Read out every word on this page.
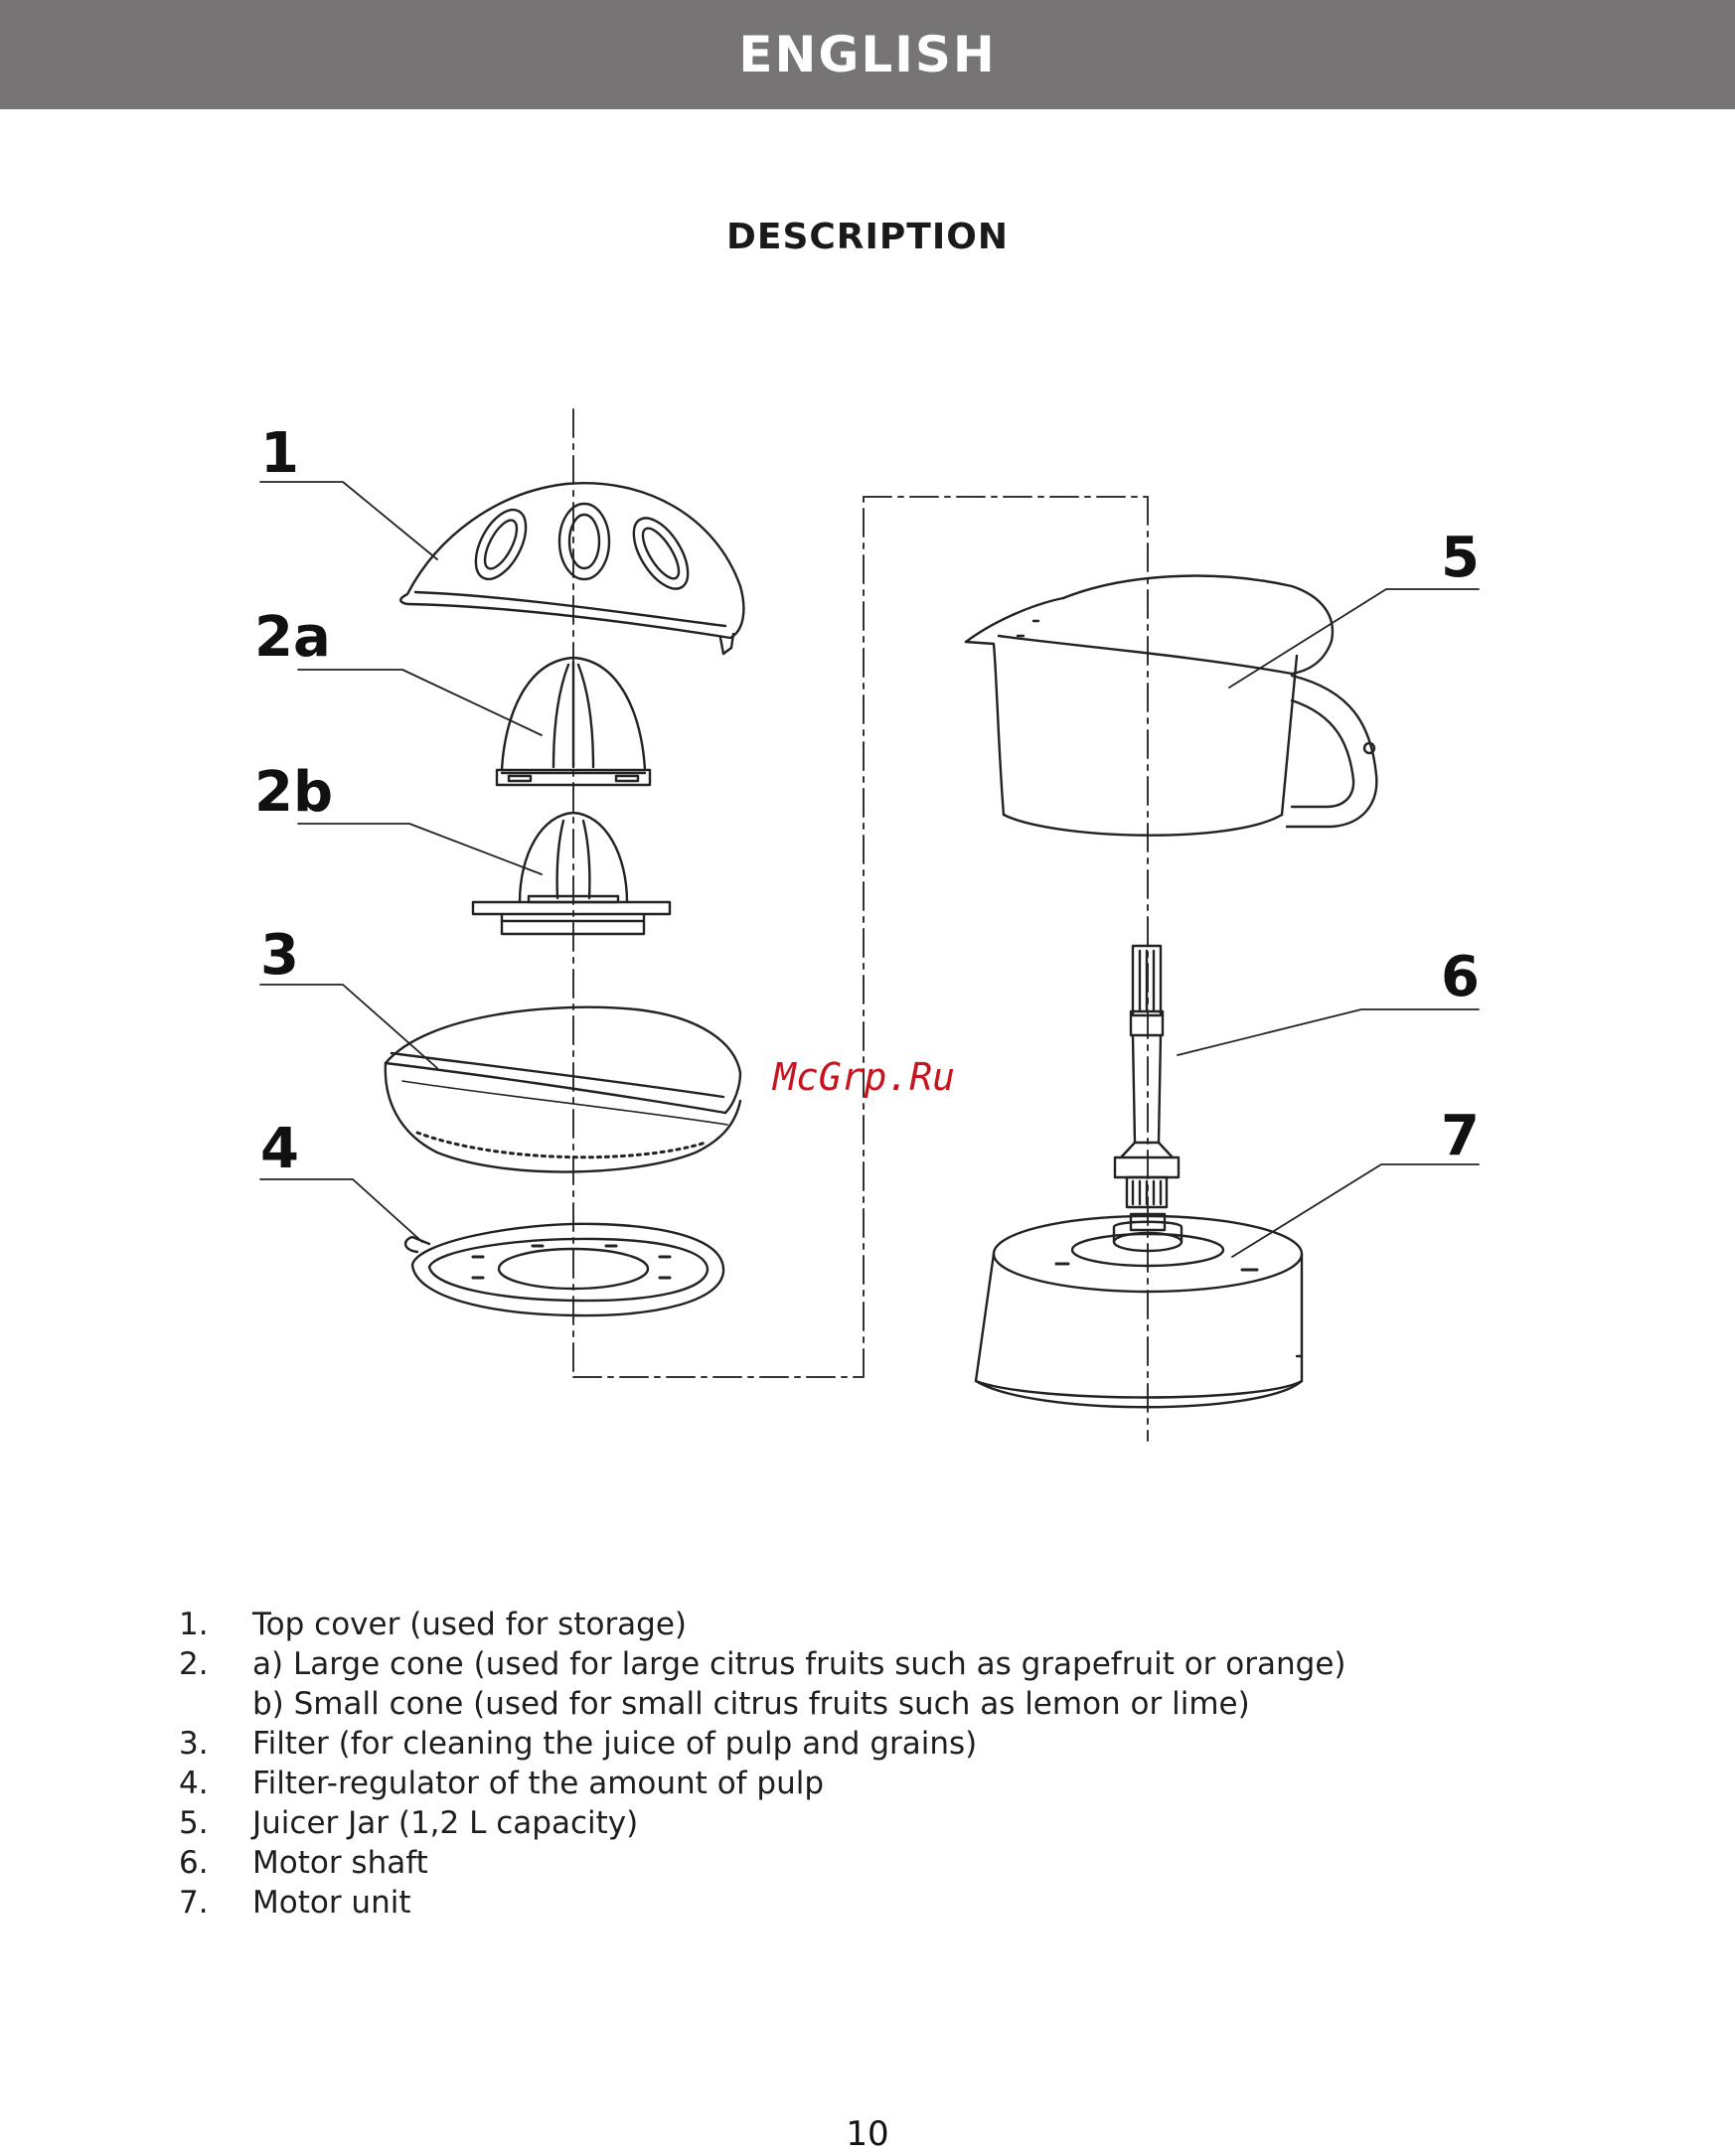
ENGLISH
DESCRIPTION
1
2a
2b
3
4
5
6
7
McGrp.Ru
1. Top cover (used for storage)
2. a) Large cone (used for large citrus fruits such as grapefruit or orange)
b) Small cone (used for small citrus fruits such as lemon or lime)
3. Filter (for cleaning the juice of pulp and grains)
4. Filter-regulator of the amount of pulp
5. Juicer Jar (1,2 L capacity)
6. Motor shaft
7. Motor unit
10
